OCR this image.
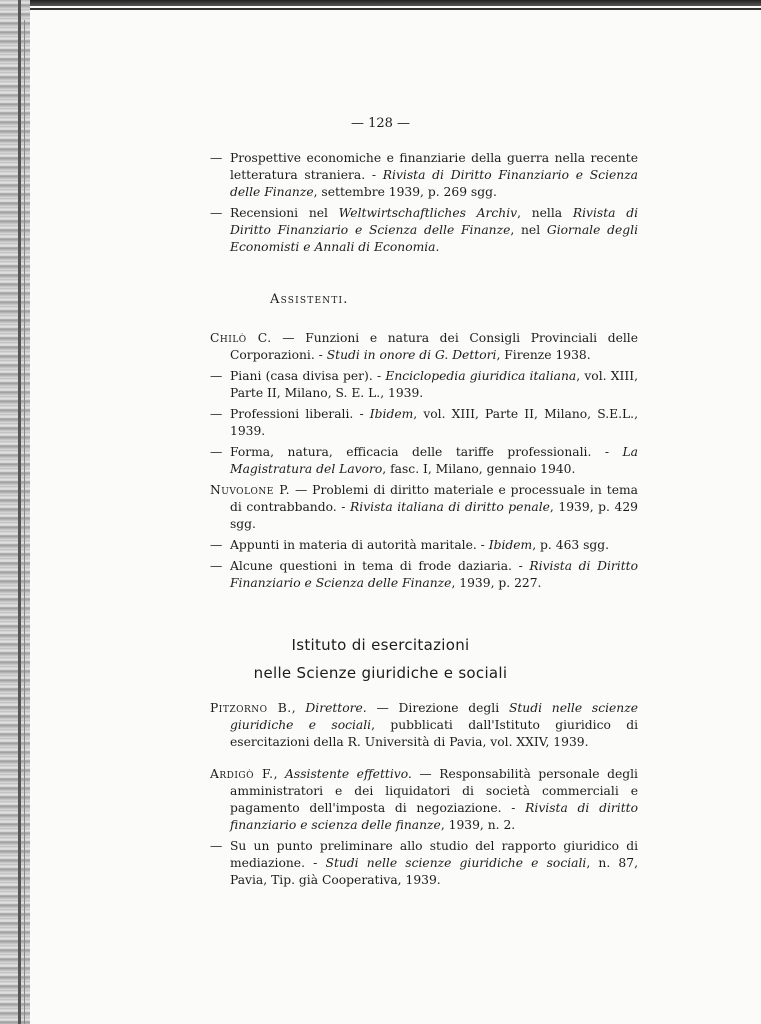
— 128 —

— Prospettive economiche e finanziarie della guerra nella recente letteratura straniera. - Rivista di Diritto Finanziario e Scienza delle Finanze, settembre 1939, p. 269 sgg.

— Recensioni nel Weltwirtschaftliches Archiv, nella Rivista di Diritto Finanziario e Scienza delle Finanze, nel Giornale degli Economisti e Annali di Economia.

Assistenti.

Chilò C. — Funzioni e natura dei Consigli Provinciali delle Corporazioni. - Studi in onore di G. Dettori, Firenze 1938.

— Piani (casa divisa per). - Enciclopedia giuridica italiana, vol. XIII, Parte II, Milano, S. E. L., 1939.

— Professioni liberali. - Ibidem, vol. XIII, Parte II, Milano, S.E.L., 1939.

— Forma, natura, efficacia delle tariffe professionali. - La Magistratura del Lavoro, fasc. I, Milano, gennaio 1940.

Nuvolone P. — Problemi di diritto materiale e processuale in tema di contrabbando. - Rivista italiana di diritto penale, 1939, p. 429 sgg.

— Appunti in materia di autorità maritale. - Ibidem, p. 463 sgg.

— Alcune questioni in tema di frode daziaria. - Rivista di Diritto Finanziario e Scienza delle Finanze, 1939, p. 227.

Istituto di esercitazioni
nelle Scienze giuridiche e sociali

Pitzorno B., Direttore. — Direzione degli Studi nelle scienze giuridiche e sociali, pubblicati dall'Istituto giuridico di esercitazioni della R. Università di Pavia, vol. XXIV, 1939.

Ardigò F., Assistente effettivo. — Responsabilità personale degli amministratori e dei liquidatori di società commerciali e pagamento dell'imposta di negoziazione. - Rivista di diritto finanziario e scienza delle finanze, 1939, n. 2.

— Su un punto preliminare allo studio del rapporto giuridico di mediazione. - Studi nelle scienze giuridiche e sociali, n. 87, Pavia, Tip. già Cooperativa, 1939.
